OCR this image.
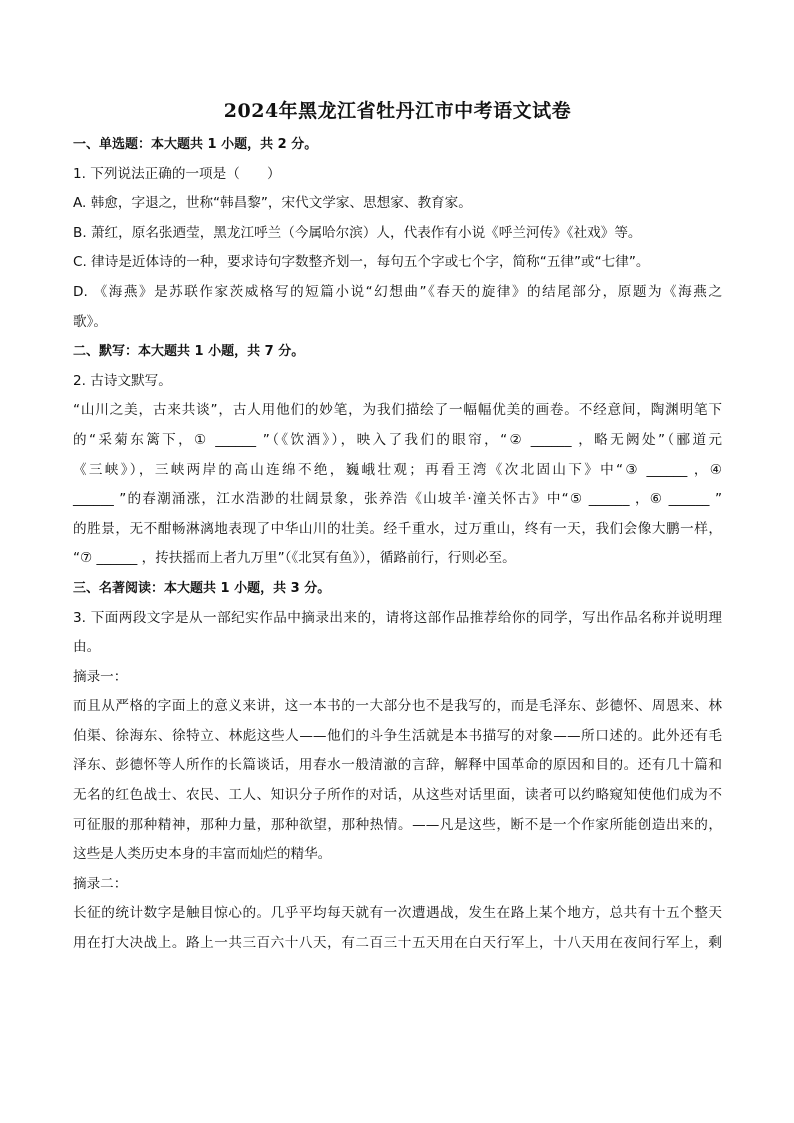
2024年黑龙江省牡丹江市中考语文试卷
一、单选题：本大题共 1 小题，共 2 分。
1. 下列说法正确的一项是（　　）
A. 韩愈，字退之，世称“韩昌黎”，宋代文学家、思想家、教育家。
B. 萧红，原名张迺莹，黑龙江呼兰（今属哈尔滨）人，代表作有小说《呼兰河传》《社戏》等。
C. 律诗是近体诗的一种，要求诗句字数整齐划一，每句五个字或七个字，简称“五律”或“七律”。
D. 《海燕》是苏联作家茨威格写的短篇小说“幻想曲”《春天的旋律》的结尾部分，原题为《海燕之
歌》。
二、默写：本大题共 1 小题，共 7 分。
2. 古诗文默写。
“山川之美，古来共谈”，古人用他们的妙笔，为我们描绘了一幅幅优美的画卷。不经意间，陶渊明笔下
的“采菊东篱下，① ______ ”（《饮酒》），映入了我们的眼帘，“② ______ ，略无阙处”（郦道元
《三峡》），三峡两岸的高山连绵不绝，巍峨壮观；再看王湾《次北固山下》中“③ ______ ，④
______ ”的春潮涌涨，江水浩渺的壮阔景象，张养浩《山坡羊·潼关怀古》中“⑤ ______ ，⑥ ______ ”
的胜景，无不酣畅淋漓地表现了中华山川的壮美。经千重水，过万重山，终有一天，我们会像大鹏一样，
“⑦ ______ ，抟扶摇而上者九万里”（《北冥有鱼》），循路前行，行则必至。
三、名著阅读：本大题共 1 小题，共 3 分。
3. 下面两段文字是从一部纪实作品中摘录出来的，请将这部作品推荐给你的同学，写出作品名称并说明理
由。
摘录一：
而且从严格的字面上的意义来讲，这一本书的一大部分也不是我写的，而是毛泽东、彭德怀、周恩来、林
伯渠、徐海东、徐特立、林彪这些人——他们的斗争生活就是本书描写的对象——所口述的。此外还有毛
泽东、彭德怀等人所作的长篇谈话，用春水一般清澈的言辞，解释中国革命的原因和目的。还有几十篇和
无名的红色战士、农民、工人、知识分子所作的对话，从这些对话里面，读者可以约略窥知使他们成为不
可征服的那种精神，那种力量，那种欲望，那种热情。——凡是这些，断不是一个作家所能创造出来的，
这些是人类历史本身的丰富而灿烂的精华。
摘录二：
长征的统计数字是触目惊心的。几乎平均每天就有一次遭遇战，发生在路上某个地方，总共有十五个整天
用在打大决战上。路上一共三百六十八天，有二百三十五天用在白天行军上，十八天用在夜间行军上，剩
